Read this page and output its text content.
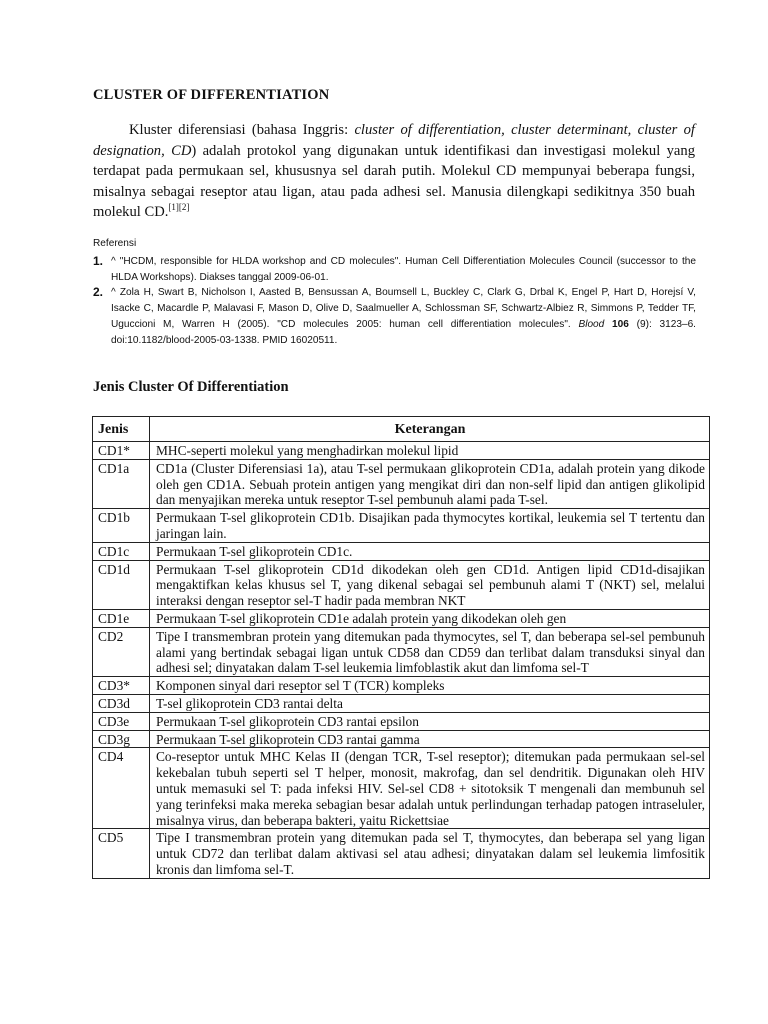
CLUSTER OF DIFFERENTIATION
Kluster diferensiasi (bahasa Inggris: cluster of differentiation, cluster determinant, cluster of designation, CD) adalah protokol yang digunakan untuk identifikasi dan investigasi molekul yang terdapat pada permukaan sel, khususnya sel darah putih. Molekul CD mempunyai beberapa fungsi, misalnya sebagai reseptor atau ligan, atau pada adhesi sel. Manusia dilengkapi sedikitnya 350 buah molekul CD.[1][2]
Referensi
1. ^ "HCDM, responsible for HLDA workshop and CD molecules". Human Cell Differentiation Molecules Council (successor to the HLDA Workshops). Diakses tanggal 2009-06-01.
2. ^ Zola H, Swart B, Nicholson I, Aasted B, Bensussan A, Boumsell L, Buckley C, Clark G, Drbal K, Engel P, Hart D, Horejsí V, Isacke C, Macardle P, Malavasi F, Mason D, Olive D, Saalmueller A, Schlossman SF, Schwartz-Albiez R, Simmons P, Tedder TF, Uguccioni M, Warren H (2005). "CD molecules 2005: human cell differentiation molecules". Blood 106 (9): 3123–6. doi:10.1182/blood-2005-03-1338. PMID 16020511.
Jenis Cluster Of Differentiation
Jenis	Keterangan
CD1*	MHC-seperti molekul yang menghadirkan molekul lipid
CD1a	CD1a (Cluster Diferensiasi 1a), atau T-sel permukaan glikoprotein CD1a, adalah protein yang dikode oleh gen CD1A. Sebuah protein antigen yang mengikat diri dan non-self lipid dan antigen glikolipid dan menyajikan mereka untuk reseptor T-sel pembunuh alami pada T-sel.
CD1b	Permukaan T-sel glikoprotein CD1b. Disajikan pada thymocytes kortikal, leukemia sel T tertentu dan jaringan lain.
CD1c	Permukaan T-sel glikoprotein CD1c.
CD1d	Permukaan T-sel glikoprotein CD1d dikodekan oleh gen CD1d. Antigen lipid CD1d-disajikan mengaktifkan kelas khusus sel T, yang dikenal sebagai sel pembunuh alami T (NKT) sel, melalui interaksi dengan reseptor sel-T hadir pada membran NKT
CD1e	Permukaan T-sel glikoprotein CD1e adalah protein yang dikodekan oleh gen
CD2	Tipe I transmembran protein yang ditemukan pada thymocytes, sel T, dan beberapa sel-sel pembunuh alami yang bertindak sebagai ligan untuk CD58 dan CD59 dan terlibat dalam transduksi sinyal dan adhesi sel; dinyatakan dalam T-sel leukemia limfoblastik akut dan limfoma sel-T
CD3*	Komponen sinyal dari reseptor sel T (TCR) kompleks
CD3d	T-sel glikoprotein CD3 rantai delta
CD3e	Permukaan T-sel glikoprotein CD3 rantai epsilon
CD3g	Permukaan T-sel glikoprotein CD3 rantai gamma
CD4	Co-reseptor untuk MHC Kelas II (dengan TCR, T-sel reseptor); ditemukan pada permukaan sel-sel kekebalan tubuh seperti sel T helper, monosit, makrofag, dan sel dendritik. Digunakan oleh HIV untuk memasuki sel T: pada infeksi HIV. Sel-sel CD8 + sitotoksik T mengenali dan membunuh sel yang terinfeksi maka mereka sebagian besar adalah untuk perlindungan terhadap patogen intraseluler, misalnya virus, dan beberapa bakteri, yaitu Rickettsiae
CD5	Tipe I transmembran protein yang ditemukan pada sel T, thymocytes, dan beberapa sel yang ligan untuk CD72 dan terlibat dalam aktivasi sel atau adhesi; dinyatakan dalam sel leukemia limfositik kronis dan limfoma sel-T.
